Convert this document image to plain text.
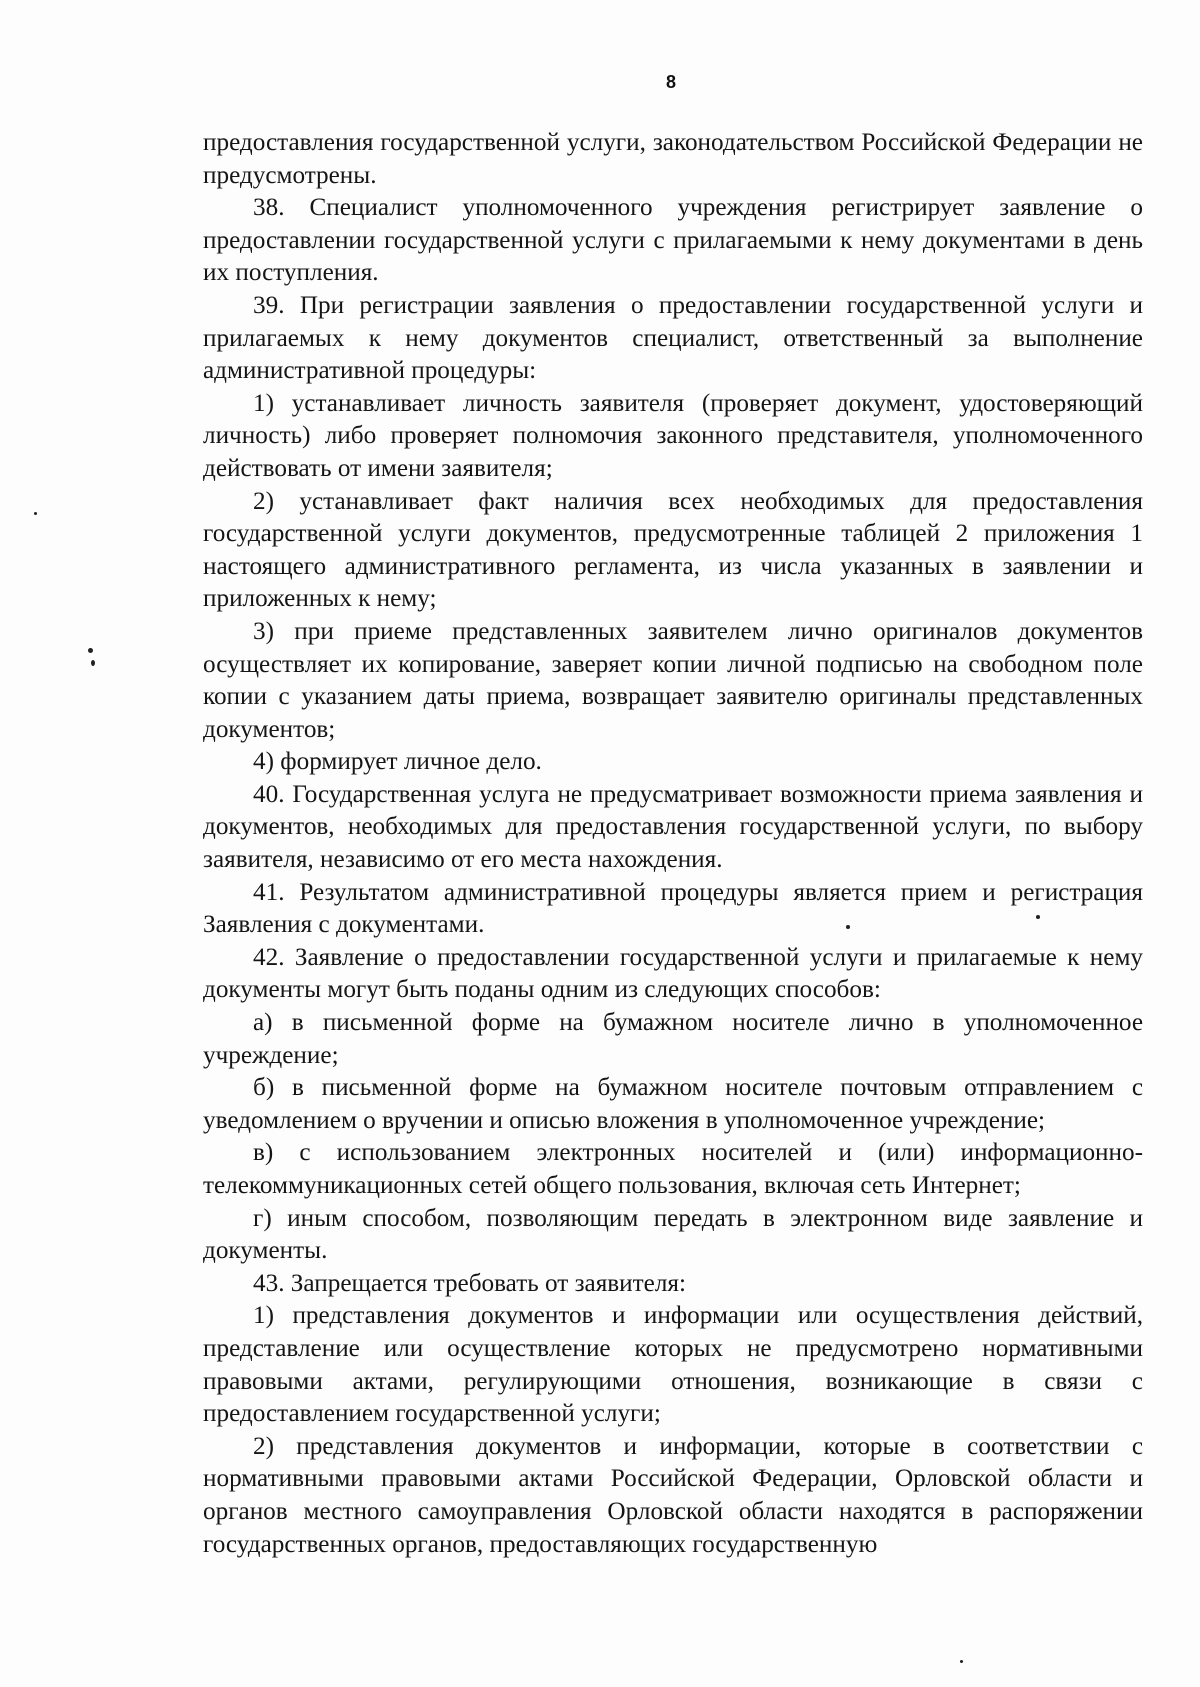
8

предоставления государственной услуги, законодательством Российской Федерации не предусмотрены.

38. Специалист уполномоченного учреждения регистрирует заявление о предоставлении государственной услуги с прилагаемыми к нему документами в день их поступления.

39. При регистрации заявления о предоставлении государственной услуги и прилагаемых к нему документов специалист, ответственный за выполнение административной процедуры:

1) устанавливает личность заявителя (проверяет документ, удостоверяющий личность) либо проверяет полномочия законного представителя, уполномоченного действовать от имени заявителя;

2) устанавливает факт наличия всех необходимых для предоставления государственной услуги документов, предусмотренные таблицей 2 приложения 1 настоящего административного регламента, из числа указанных в заявлении и приложенных к нему;

3) при приеме представленных заявителем лично оригиналов документов осуществляет их копирование, заверяет копии личной подписью на свободном поле копии с указанием даты приема, возвращает заявителю оригиналы представленных документов;

4) формирует личное дело.

40. Государственная услуга не предусматривает возможности приема заявления и документов, необходимых для предоставления государственной услуги, по выбору заявителя, независимо от его места нахождения.

41. Результатом административной процедуры является прием и регистрация Заявления с документами.

42. Заявление о предоставлении государственной услуги и прилагаемые к нему документы могут быть поданы одним из следующих способов:

а) в письменной форме на бумажном носителе лично в уполномоченное учреждение;

б) в письменной форме на бумажном носителе почтовым отправлением с уведомлением о вручении и описью вложения в уполномоченное учреждение;

в) с использованием электронных носителей и (или) информационно-телекоммуникационных сетей общего пользования, включая сеть Интернет;

г) иным способом, позволяющим передать в электронном виде заявление и документы.

43. Запрещается требовать от заявителя:

1) представления документов и информации или осуществления действий, представление или осуществление которых не предусмотрено нормативными правовыми актами, регулирующими отношения, возникающие в связи с предоставлением государственной услуги;

2) представления документов и информации, которые в соответствии с нормативными правовыми актами Российской Федерации, Орловской области и органов местного самоуправления Орловской области находятся в распоряжении государственных органов, предоставляющих государственную
